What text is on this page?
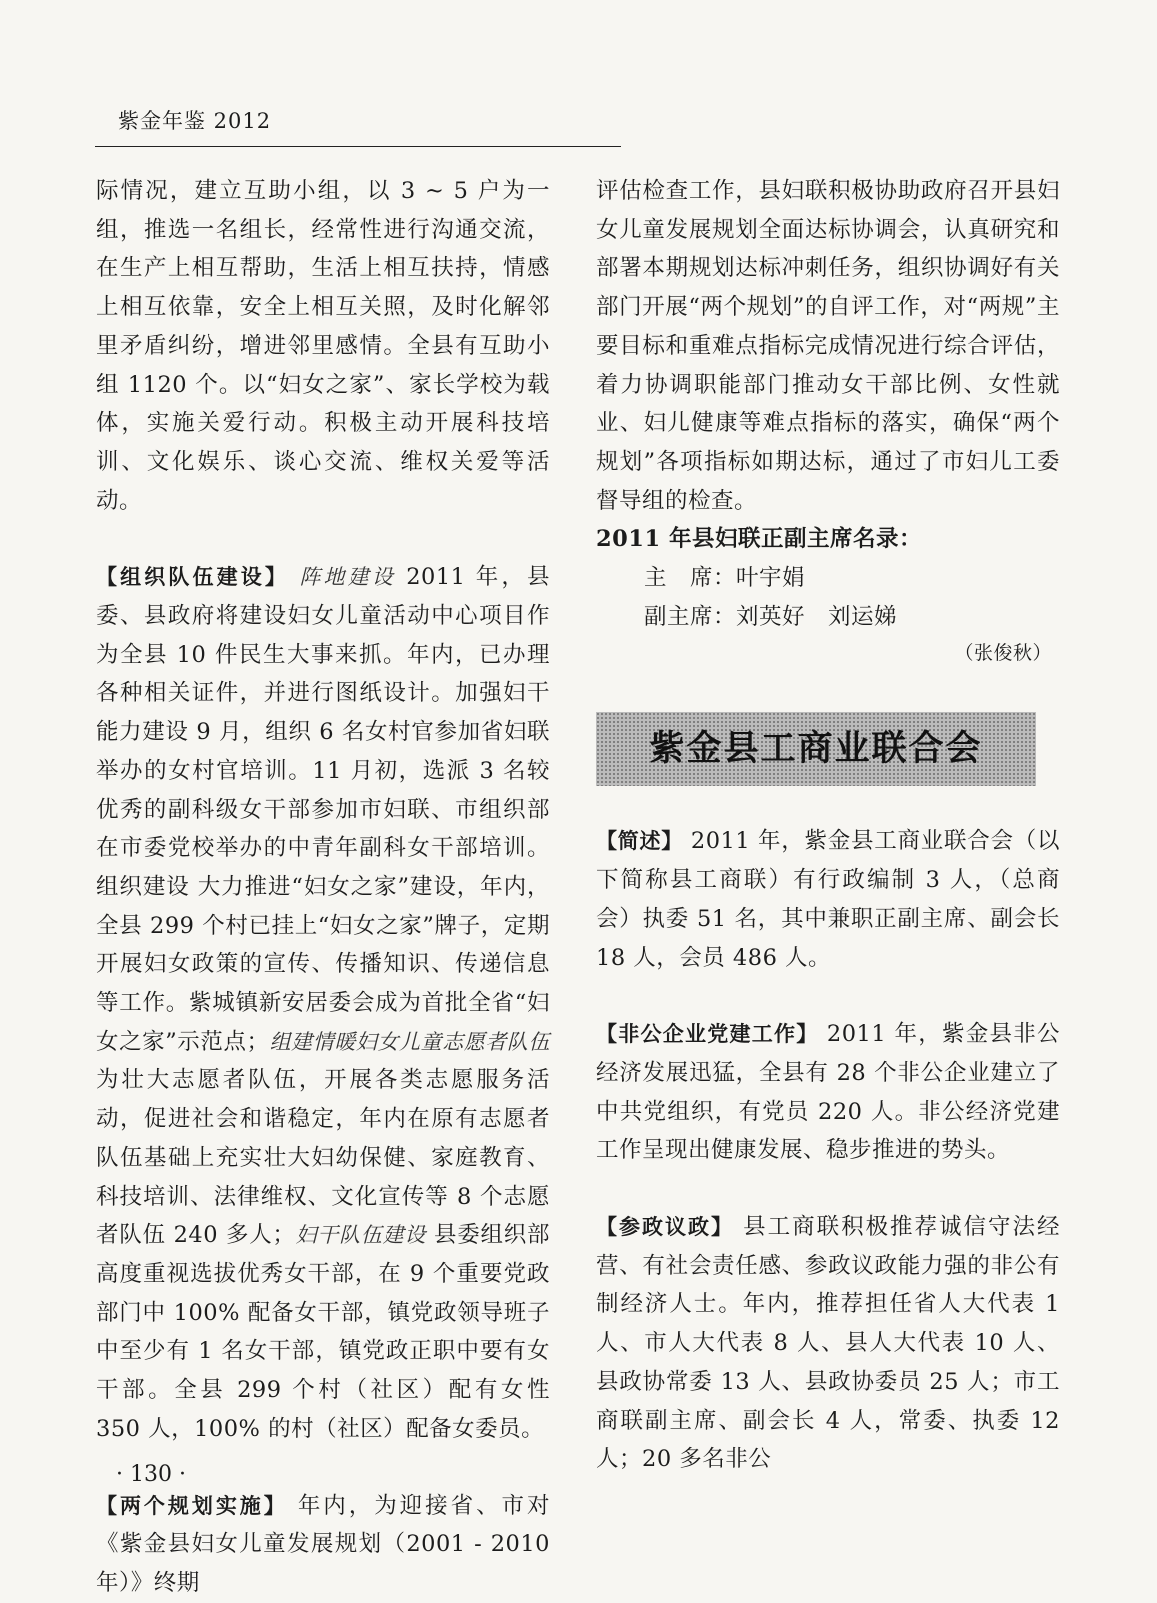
紫金年鉴 2012

际情况，建立互助小组，以 3 ~ 5 户为一组，推选一名组长，经常性进行沟通交流，在生产上相互帮助，生活上相互扶持，情感上相互依靠，安全上相互关照，及时化解邻里矛盾纠纷，增进邻里感情。全县有互助小组 1120 个。以“妇女之家”、家长学校为载体，实施关爱行动。积极主动开展科技培训、文化娱乐、谈心交流、维权关爱等活动。

【组织队伍建设】 阵地建设 2011 年，县委、县政府将建设妇女儿童活动中心项目作为全县 10 件民生大事来抓。年内，已办理各种相关证件，并进行图纸设计。加强妇干能力建设 9 月，组织 6 名女村官参加省妇联举办的女村官培训。11 月初，选派 3 名较优秀的副科级女干部参加市妇联、市组织部在市委党校举办的中青年副科女干部培训。组织建设 大力推进“妇女之家”建设，年内，全县 299 个村已挂上“妇女之家”牌子，定期开展妇女政策的宣传、传播知识、传递信息等工作。紫城镇新安居委会成为首批全省“妇女之家”示范点；组建情暖妇女儿童志愿者队伍 为壮大志愿者队伍，开展各类志愿服务活动，促进社会和谐稳定，年内在原有志愿者队伍基础上充实壮大妇幼保健、家庭教育、科技培训、法律维权、文化宣传等 8 个志愿者队伍 240 多人；妇干队伍建设 县委组织部高度重视选拔优秀女干部，在 9 个重要党政部门中 100% 配备女干部，镇党政领导班子中至少有 1 名女干部，镇党政正职中要有女干部。全县 299 个村（社区）配有女性 350 人，100% 的村（社区）配备女委员。

【两个规划实施】 年内，为迎接省、市对《紫金县妇女儿童发展规划（2001 - 2010 年）》终期

评估检查工作，县妇联积极协助政府召开县妇女儿童发展规划全面达标协调会，认真研究和部署本期规划达标冲刺任务，组织协调好有关部门开展“两个规划”的自评工作，对“两规”主要目标和重难点指标完成情况进行综合评估，着力协调职能部门推动女干部比例、女性就业、妇儿健康等难点指标的落实，确保“两个规划”各项指标如期达标，通过了市妇儿工委督导组的检查。

2011 年县妇联正副主席名录：

主　席：叶宇娟

副主席：刘英好　刘运娣

（张俊秋）

紫金县工商业联合会

【简述】 2011 年，紫金县工商业联合会（以下简称县工商联）有行政编制 3 人，（总商会）执委 51 名，其中兼职正副主席、副会长 18 人，会员 486 人。

【非公企业党建工作】 2011 年，紫金县非公经济发展迅猛，全县有 28 个非公企业建立了中共党组织，有党员 220 人。非公经济党建工作呈现出健康发展、稳步推进的势头。

【参政议政】 县工商联积极推荐诚信守法经营、有社会责任感、参政议政能力强的非公有制经济人士。年内，推荐担任省人大代表 1 人、市人大代表 8 人、县人大代表 10 人、县政协常委 13 人、县政协委员 25 人；市工商联副主席、副会长 4 人，常委、执委 12 人；20 多名非公

· 130 ·
